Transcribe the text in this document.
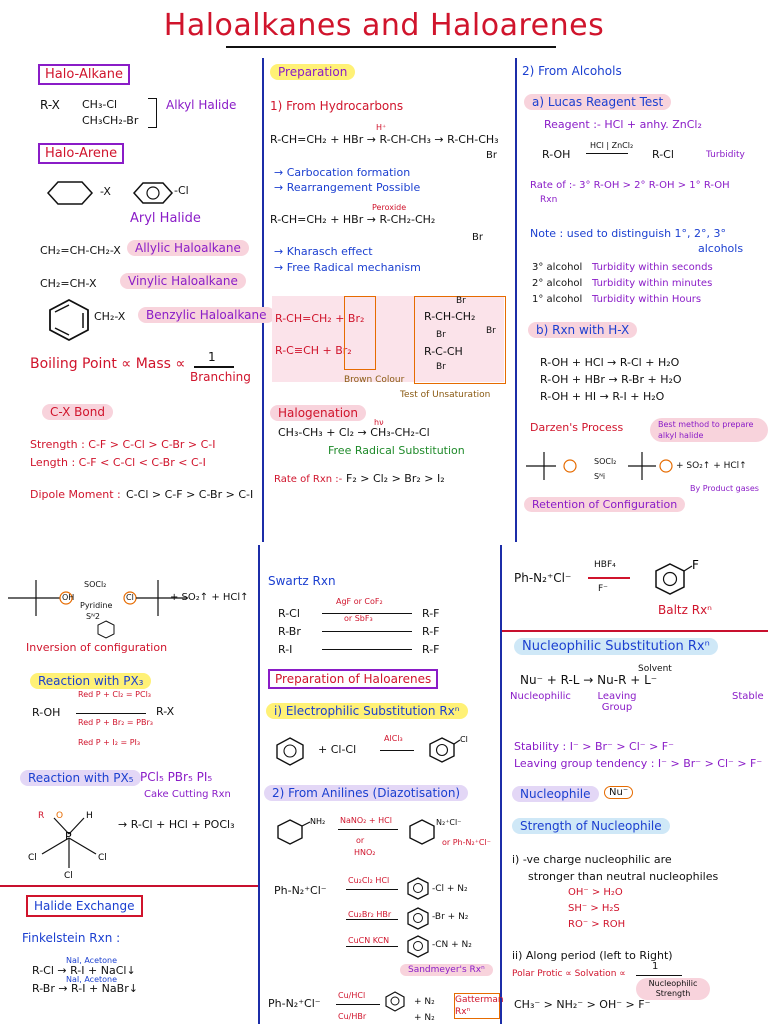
Haloalkanes and Haloarenes
Halo-Alkane
R-X CH₃-Cl
CH₃CH₂-Br
Alkyl Halide
Halo-Arene
-X	-Cl
Aryl Halide
CH₂=CH-CH₂-X	Allylic Haloalkane
CH₂=CH-X	Vinylic Haloalkane
CH₂-X	Benzylic Haloalkane
Boiling Point ∝ Mass ∝ 1
Branching
C-X Bond
Strength : C-F > C-Cl > C-Br > C-I
Length : C-F < C-Cl < C-Br < C-I
Dipole Moment : C-Cl > C-F > C-Br > C-I
Preparation
1) From Hydrocarbons
R-CH=CH₂ + HBr → R-CH-CH₃ → R-CH-CH₃
H⁺
Br
→ Carbocation formation
→ Rearrangement Possible
R-CH=CH₂ + HBr → R-CH₂-CH₂
Peroxide
Br
→ Kharasch effect
→ Free Radical mechanism
R-CH=CH₂ + Br₂
R-C≡CH + Br₂
R-CH-CH₂
R-C-CH
Br
Br
Br
Br
Brown Colour
Test of Unsaturation
Halogenation
CH₃-CH₃ + Cl₂ → CH₃-CH₂-Cl
hν
Free Radical Substitution
Rate of Rxn :- F₂ > Cl₂ > Br₂ > I₂
2) From Alcohols
a) Lucas Reagent Test
Reagent :- HCl + anhy. ZnCl₂
R-OH
HCl | ZnCl₂
R-Cl	Turbidity
Rate of :- 3° R-OH > 2° R-OH > 1° R-OH
Rxn
Note : used to distinguish 1°, 2°, 3°
alcohols
3° alcohol Turbidity within seconds
2° alcohol Turbidity within minutes
1° alcohol Turbidity within Hours
b) Rxn with H-X
R-OH + HCl → R-Cl + H₂O
R-OH + HBr → R-Br + H₂O
R-OH + HI → R-I + H₂O
Darzen's Process	Best method to prepare alkyl halide
SOCl₂
Sᴺi
+ SO₂↑ + HCl↑
By Product gases
Retention of Configuration
OH
SOCl₂
Pyridine
Sᴺ2
Cl	+ SO₂↑ + HCl↑
Inversion of configuration
Reaction with PX₃
R-OH	R-X
Red P + Cl₂ = PCl₃
Red P + Br₂ = PBr₃
Red P + I₂ = PI₃
Reaction with PX₅ PCl₅ PBr₅ PI₅
Cake Cutting Rxn
P
R O	H
Cl
Cl
Cl
→ R-Cl + HCl + POCl₃
Halide Exchange
Finkelstein Rxn :
R-Cl → R-I + NaCl↓
R-Br → R-I + NaBr↓
NaI, Acetone
NaI, Acetone
Swartz Rxn
R-Cl
R-Br
R-I
AgF or CoF₂
or SbF₃	R-F
R-F
R-F
Preparation of Haloarenes
i) Electrophilic Substitution Rxⁿ
+ Cl-Cl
AlCl₃	Cl
2) From Anilines (Diazotisation)
NH₂ NaNO₂ + HCl
or
HNO₂
N₂⁺Cl⁻
or Ph-N₂⁺Cl⁻
Ph-N₂⁺Cl⁻
Cu₂Cl₂ HCl
Cu₂Br₂ HBr
CuCN KCN
-Cl + N₂
-Br + N₂
-CN + N₂
Sandmeyer's Rxⁿ
Ph-N₂⁺Cl⁻
Cu/HCl
Cu/HBr
+ N₂
+ N₂
Gatterman Rxⁿ
Ph-N₂⁺Cl⁻
HBF₄
F⁻
F
Baltz Rxⁿ
Nucleophilic Substitution Rxⁿ
Nu⁻ + R-L → Nu-R + L⁻
Solvent
Nucleophilic	Leaving Group
Stable
Stability : I⁻ > Br⁻ > Cl⁻ > F⁻
Leaving group tendency : I⁻ > Br⁻ > Cl⁻ > F⁻
Nucleophile	Nu⁻
Strength of Nucleophile
i) -ve charge nucleophilic are
stronger than neutral nucleophiles
OH⁻ > H₂O
SH⁻ > H₂S
RO⁻ > ROH
ii) Along period (left to Right)
Polar Protic ∝ Solvation ∝
1
Nucleophilic Strength
CH₃⁻ > NH₂⁻ > OH⁻ > F⁻
